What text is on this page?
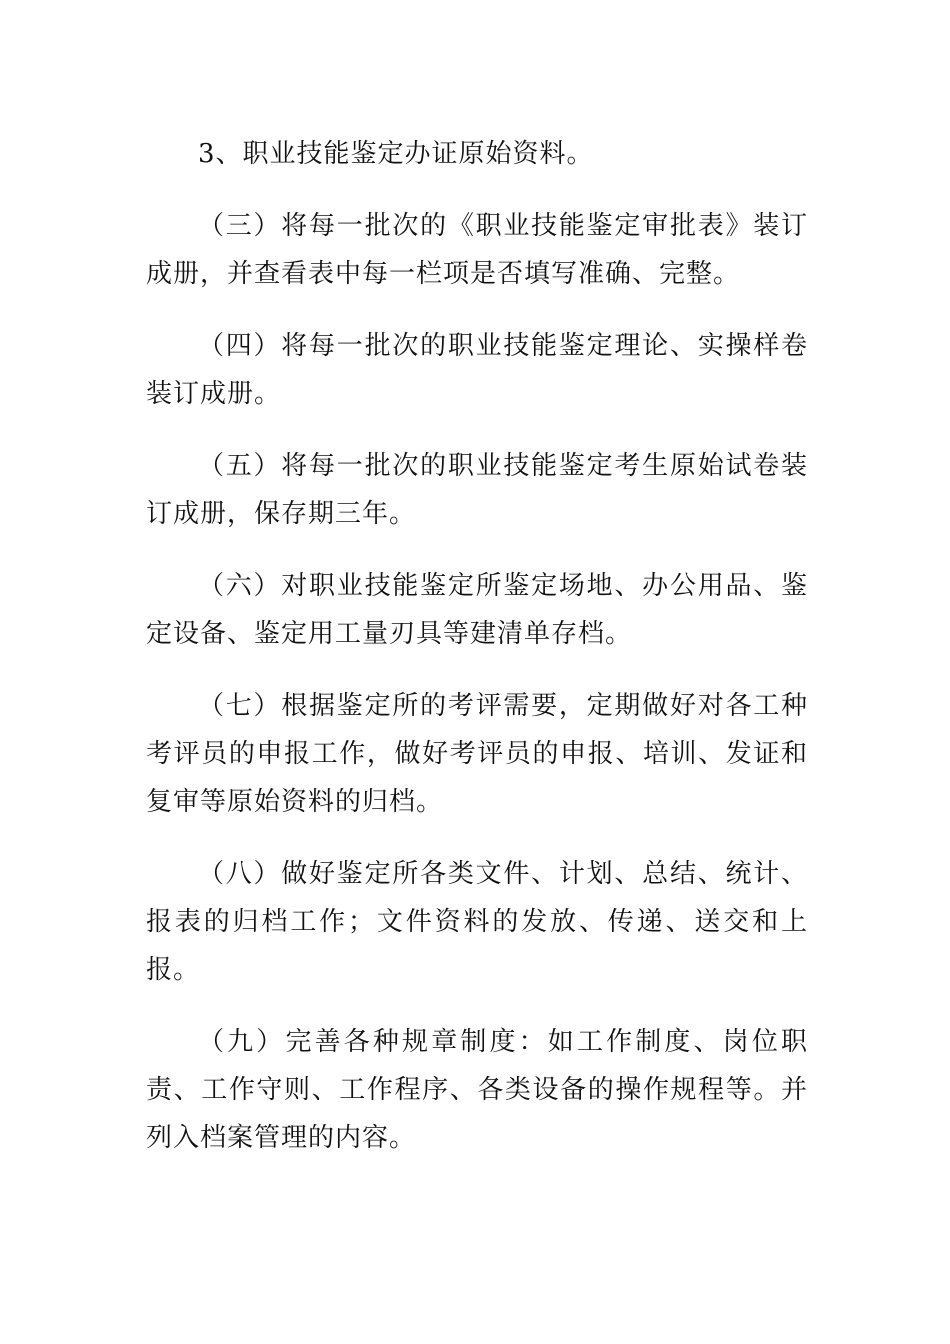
3、职业技能鉴定办证原始资料。

（三）将每一批次的《职业技能鉴定审批表》装订成册，并查看表中每一栏项是否填写准确、完整。

（四）将每一批次的职业技能鉴定理论、实操样卷装订成册。

（五）将每一批次的职业技能鉴定考生原始试卷装订成册，保存期三年。

（六）对职业技能鉴定所鉴定场地、办公用品、鉴定设备、鉴定用工量刃具等建清单存档。

（七）根据鉴定所的考评需要，定期做好对各工种考评员的申报工作，做好考评员的申报、培训、发证和复审等原始资料的归档。

（八）做好鉴定所各类文件、计划、总结、统计、报表的归档工作；文件资料的发放、传递、送交和上报。

（九）完善各种规章制度：如工作制度、岗位职责、工作守则、工作程序、各类设备的操作规程等。并列入档案管理的内容。
